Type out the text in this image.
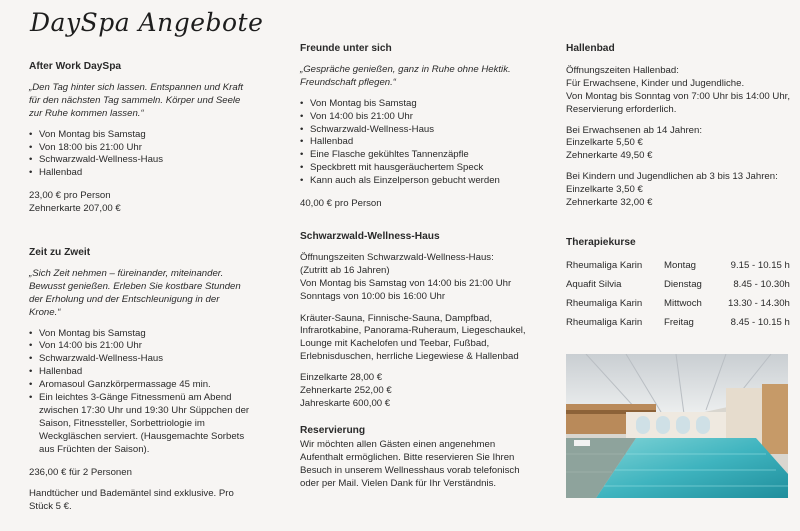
DaySpa Angebote
After Work DaySpa

„Den Tag hinter sich lassen. Entspannen und Kraft für den nächsten Tag sammeln. Körper und Seele zur Ruhe kommen lassen.“

• Von Montag bis Samstag
• Von 18:00 bis 21:00 Uhr
• Schwarzwald-Wellness-Haus
• Hallenbad

23,00 € pro Person

Zehnerkarte 207,00 €

Zeit zu Zweit

„Sich Zeit nehmen – füreinander, miteinander. Bewusst genießen. Erleben Sie kostbare Stunden der Erholung und der Entschleunigung in der Krone.“

• Von Montag bis Samstag
• Von 14:00 bis 21:00 Uhr
• Schwarzwald-Wellness-Haus
• Hallenbad
• Aromasoul Ganzkörpermassage 45 min.
• Ein leichtes 3-Gänge Fitnessmenü am Abend zwischen 17:30 Uhr und 19:30 Uhr Süppchen der Saison, Fitnessteller, Sorbettriologie im Weckgläschen serviert. (Hausgemachte Sorbets aus Früchten der Saison).

236,00 € für 2 Personen

Handtücher und Bademäntel sind exklusive. Pro Stück 5 €.

Freunde unter sich

„Gespräche genießen, ganz in Ruhe ohne Hektik. Freundschaft pflegen.“

• Von Montag bis Samstag
• Von 14:00 bis 21:00 Uhr
• Schwarzwald-Wellness-Haus
• Hallenbad
• Eine Flasche gekühltes Tannenzäpfle
• Speckbrett mit hausgeräuchertem Speck
• Kann auch als Einzelperson gebucht werden

40,00 € pro Person

Schwarzwald-Wellness-Haus
Öffnungszeiten Schwarzwald-Wellness-Haus:
(Zutritt ab 16 Jahren)
Von Montag bis Samstag von 14:00 bis 21:00 Uhr
Sonntags von 10:00 bis 16:00 Uhr

Kräuter-Sauna, Finnische-Sauna, Dampfbad, Infrarotkabine, Panorama-Ruheraum, Liegeschaukel, Lounge mit Kachelofen und Teebar, Fußbad, Erlebnisduschen, herrliche Liegewiese & Hallenbad

Einzelkarte 28,00 €
Zehnerkarte 252,00 €
Jahreskarte 600,00 €
Reservierung

Wir möchten allen Gästen einen angenehmen Aufenthalt ermöglichen. Bitte reservieren Sie Ihren Besuch in unserem Wellnesshaus vorab telefonisch oder per Mail. Vielen Dank für Ihr Verständnis.

Hallenbad
Öffnungszeiten Hallenbad:
Für Erwachsene, Kinder und Jugendliche.
Von Montag bis Sonntag von 7:00 Uhr bis 14:00 Uhr, Reservierung erforderlich.
Bei Erwachsenen ab 14 Jahren:
Einzelkarte 5,50 €
Zehnerkarte 49,50 €
Bei Kindern und Jugendlichen ab 3 bis 13 Jahren:
Einzelkarte 3,50 €
Zehnerkarte 32,00 €
Therapiekurse
Rheumaliga Karin	Montag	9.15 - 10.15 h
Aquafit Silvia	Dienstag	8.45 - 10.30h
Rheumaliga Karin	Mittwoch	13.30 - 14.30h
Rheumaliga Karin	Freitag	8.45 - 10.15 h
